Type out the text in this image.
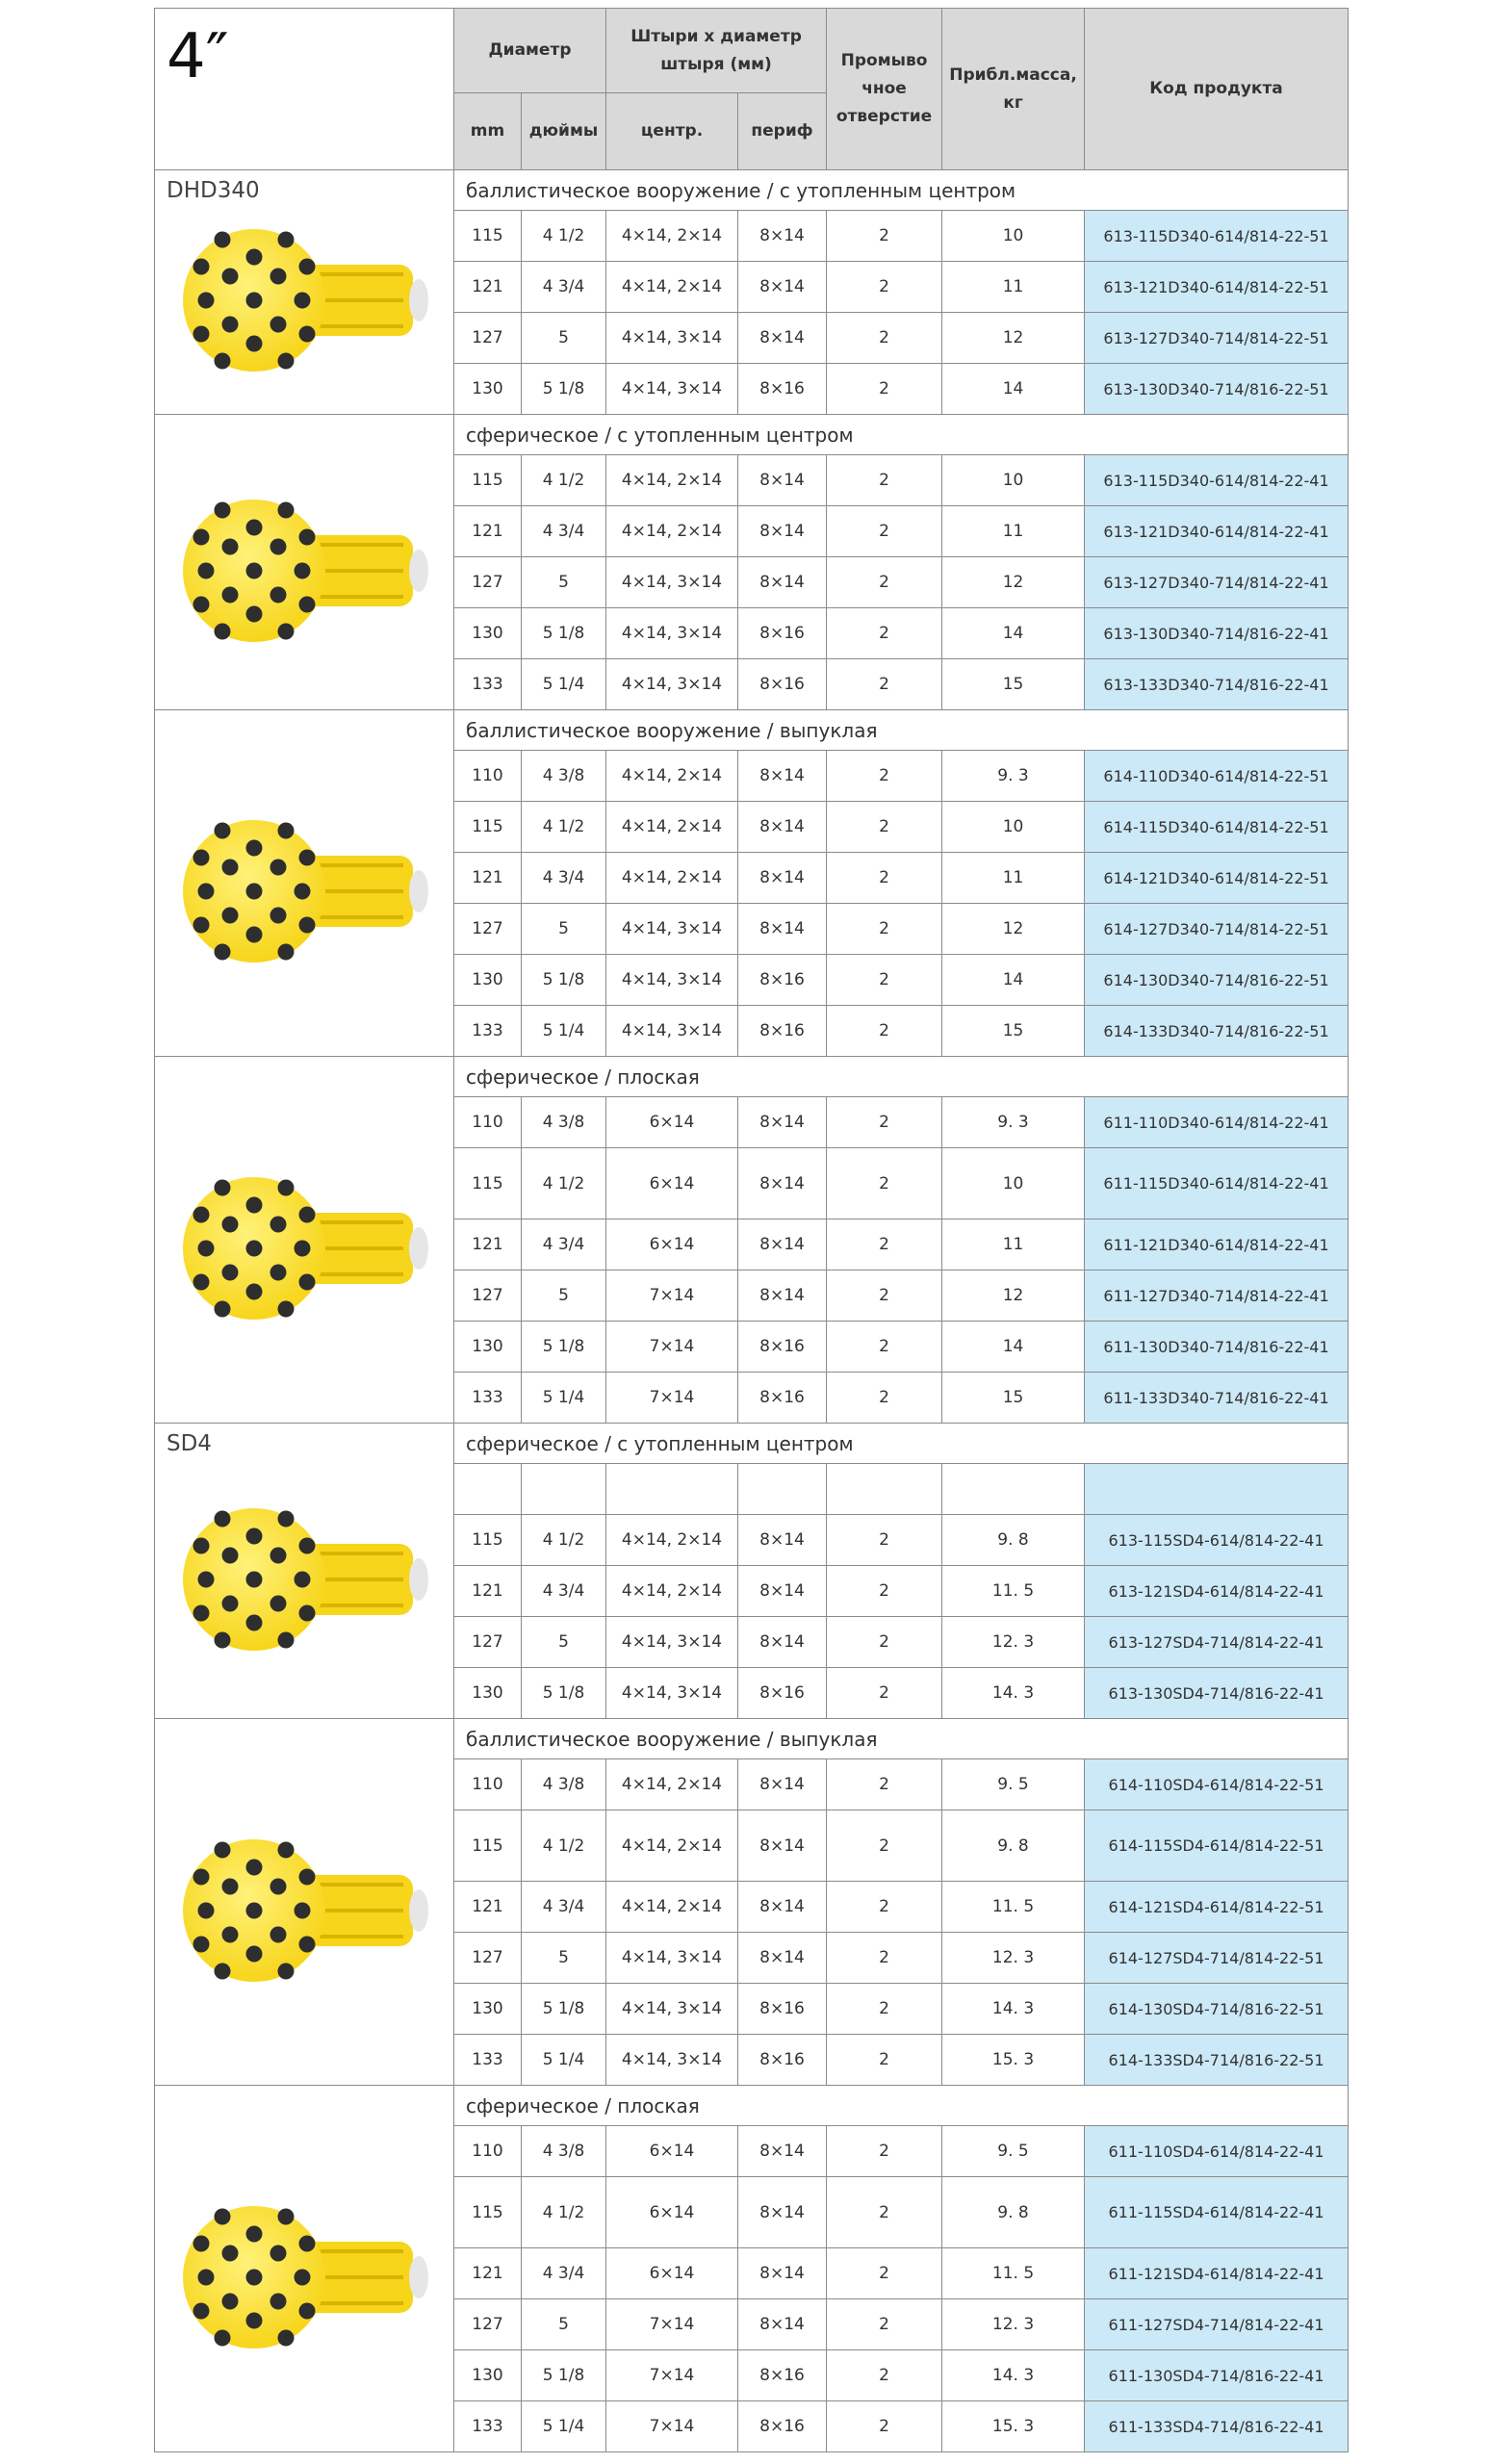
4″	Диаметр		Штыри х диаметр штыря (мм)		Промыво чное отверстие	Прибл.масса, кг	Код продукта
	mm	дюймы	центр.	периф			

DHD340	баллистическое вооружение / с утопленным центром						
	115	4 1/2	4×14, 2×14	8×14	2	10	613-115D340-614/814-22-51
	121	4 3/4	4×14, 2×14	8×14	2	11	613-121D340-614/814-22-51
	127	5	4×14, 3×14	8×14	2	12	613-127D340-714/814-22-51
	130	5 1/8	4×14, 3×14	8×16	2	14	613-130D340-714/816-22-51

	сферическое / с утопленным центром						
	115	4 1/2	4×14, 2×14	8×14	2	10	613-115D340-614/814-22-41
	121	4 3/4	4×14, 2×14	8×14	2	11	613-121D340-614/814-22-41
	127	5	4×14, 3×14	8×14	2	12	613-127D340-714/814-22-41
	130	5 1/8	4×14, 3×14	8×16	2	14	613-130D340-714/816-22-41
	133	5 1/4	4×14, 3×14	8×16	2	15	613-133D340-714/816-22-41

	баллистическое вооружение / выпуклая						
	110	4 3/8	4×14, 2×14	8×14	2	9. 3	614-110D340-614/814-22-51
	115	4 1/2	4×14, 2×14	8×14	2	10	614-115D340-614/814-22-51
	121	4 3/4	4×14, 2×14	8×14	2	11	614-121D340-614/814-22-51
	127	5	4×14, 3×14	8×14	2	12	614-127D340-714/814-22-51
	130	5 1/8	4×14, 3×14	8×16	2	14	614-130D340-714/816-22-51
	133	5 1/4	4×14, 3×14	8×16	2	15	614-133D340-714/816-22-51

	сферическое / плоская						
	110	4 3/8	6×14	8×14	2	9. 3	611-110D340-614/814-22-41
	115	4 1/2	6×14	8×14	2	10	611-115D340-614/814-22-41
	121	4 3/4	6×14	8×14	2	11	611-121D340-614/814-22-41
	127	5	7×14	8×14	2	12	611-127D340-714/814-22-41
	130	5 1/8	7×14	8×16	2	14	611-130D340-714/816-22-41
	133	5 1/4	7×14	8×16	2	15	611-133D340-714/816-22-41

SD4	сферическое / с утопленным центром						

	115	4 1/2	4×14, 2×14	8×14	2	9. 8	613-115SD4-614/814-22-41
	121	4 3/4	4×14, 2×14	8×14	2	11. 5	613-121SD4-614/814-22-41
	127	5	4×14, 3×14	8×14	2	12. 3	613-127SD4-714/814-22-41
	130	5 1/8	4×14, 3×14	8×16	2	14. 3	613-130SD4-714/816-22-41

	баллистическое вооружение / выпуклая						
	110	4 3/8	4×14, 2×14	8×14	2	9. 5	614-110SD4-614/814-22-51
	115	4 1/2	4×14, 2×14	8×14	2	9. 8	614-115SD4-614/814-22-51
	121	4 3/4	4×14, 2×14	8×14	2	11. 5	614-121SD4-614/814-22-51
	127	5	4×14, 3×14	8×14	2	12. 3	614-127SD4-714/814-22-51
	130	5 1/8	4×14, 3×14	8×16	2	14. 3	614-130SD4-714/816-22-51
	133	5 1/4	4×14, 3×14	8×16	2	15. 3	614-133SD4-714/816-22-51

	сферическое / плоская						
	110	4 3/8	6×14	8×14	2	9. 5	611-110SD4-614/814-22-41
	115	4 1/2	6×14	8×14	2	9. 8	611-115SD4-614/814-22-41
	121	4 3/4	6×14	8×14	2	11. 5	611-121SD4-614/814-22-41
	127	5	7×14	8×14	2	12. 3	611-127SD4-714/814-22-41
	130	5 1/8	7×14	8×16	2	14. 3	611-130SD4-714/816-22-41
	133	5 1/4	7×14	8×16	2	15. 3	611-133SD4-714/816-22-41
